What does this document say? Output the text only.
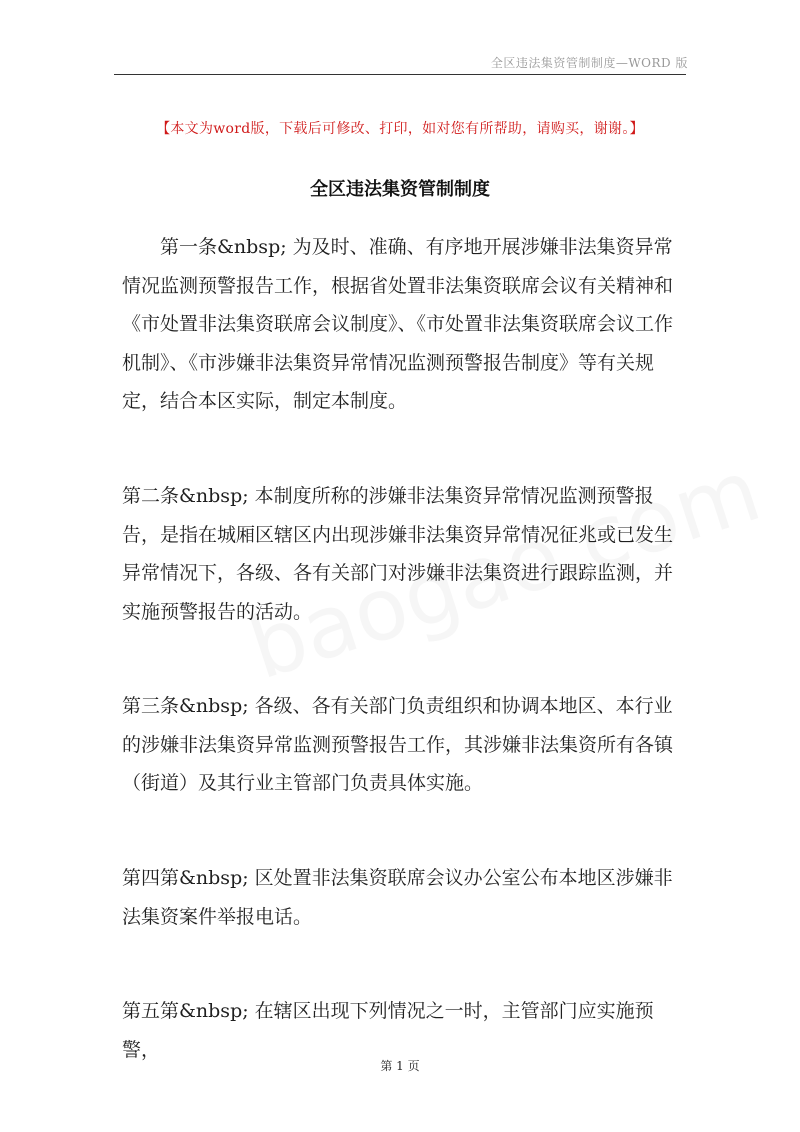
全区违法集资管制制度—WORD 版
【本文为word版，下载后可修改、打印，如对您有所帮助，请购买，谢谢。】
全区违法集资管制制度
第一条&nbsp; 为及时、准确、有序地开展涉嫌非法集资异常情况监测预警报告工作，根据省处置非法集资联席会议有关精神和《市处置非法集资联席会议制度》、《市处置非法集资联席会议工作机制》、《市涉嫌非法集资异常情况监测预警报告制度》等有关规定，结合本区实际，制定本制度。
第二条&nbsp; 本制度所称的涉嫌非法集资异常情况监测预警报告，是指在城厢区辖区内出现涉嫌非法集资异常情况征兆或已发生异常情况下，各级、各有关部门对涉嫌非法集资进行跟踪监测，并实施预警报告的活动。
第三条&nbsp; 各级、各有关部门负责组织和协调本地区、本行业的涉嫌非法集资异常监测预警报告工作，其涉嫌非法集资所有各镇（街道）及其行业主管部门负责具体实施。
第四第&nbsp; 区处置非法集资联席会议办公室公布本地区涉嫌非法集资案件举报电话。
第五第&nbsp; 在辖区出现下列情况之一时，主管部门应实施预警，
第 1 页
